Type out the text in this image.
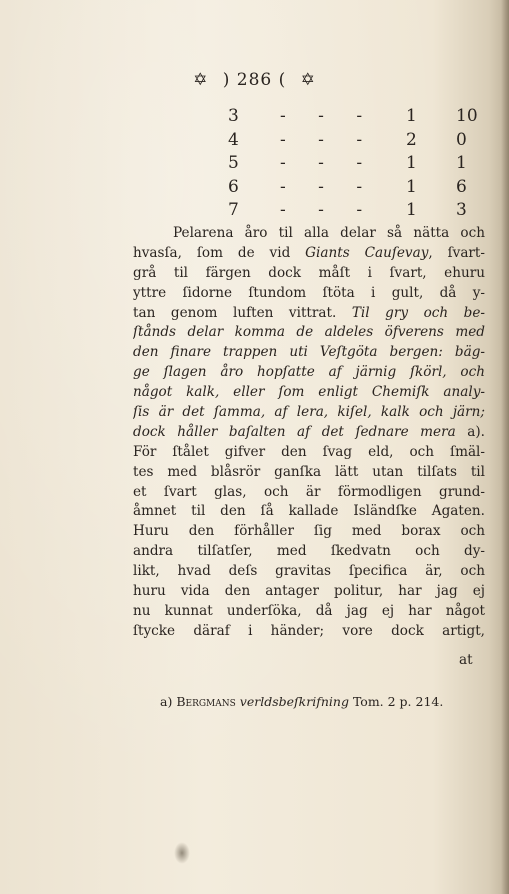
✡ ) 286 ( ✡
3 -      -      -	1 10
4 -      -      -	2 0
5 -      -      -	1 1
6 -      -      -	1 6
7 -      -      -	1 3
Pelarena åro til alla delar så nätta och
hvasſa, ſom de vid Giants Cauſevay, ſvart-
grå til färgen dock måſt i ſvart, ehuru
yttre ſidorne ſtundom ſtöta i gult, då y-
tan genom luften vittrat. Til gry och be-
ſtånds delar komma de aldeles öfverens med
den finare trappen uti Veſtgöta bergen: bäg-
ge ſlagen åro hopſatte af järnig ſkörl, och
något kalk, eller ſom enligt Chemiſk analy-
ſis är det ſamma, af lera, kiſel, kalk och järn;
dock håller baſalten af det ſednare mera a).
För ſtålet gifver den ſvag eld, och ſmäl-
tes med blåsrör ganſka lätt utan tilſats til
et ſvart glas, och är förmodligen grund-
åmnet til den ſå kallade Isländſke Agaten.
Huru den förhåller ſig med borax och
andra tilſatſer, med ſkedvatn och dy-
likt, hvad deſs gravitas ſpecifica är, och
huru vida den antager politur, har jag ej
nu kunnat underſöka, då jag ej har något
ſtycke däraf i händer; vore dock artigt,
at
a) Bergmans verldsbeſkrifning Tom. 2 p. 214.
